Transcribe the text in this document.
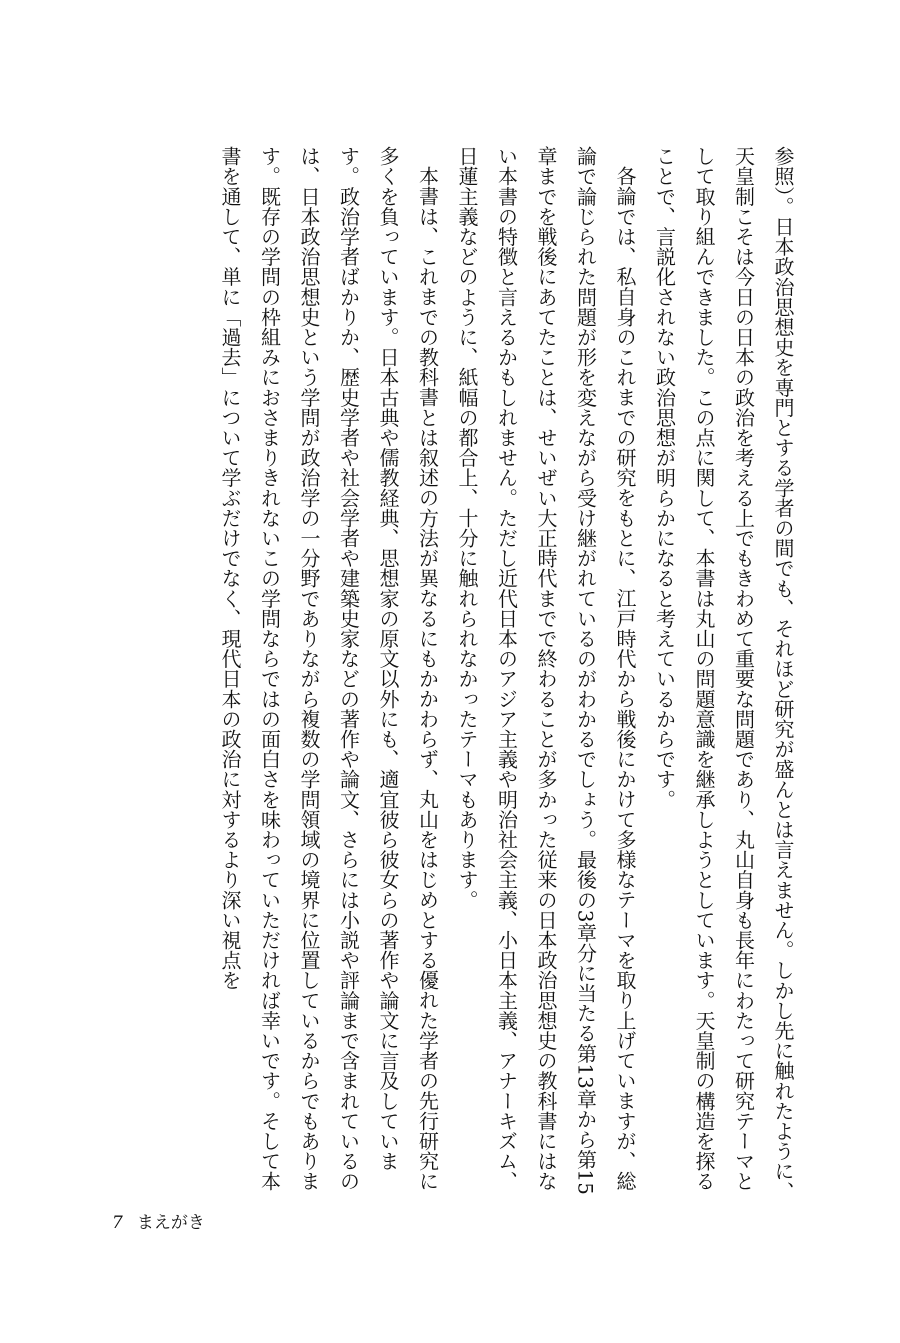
参照）。日本政治思想史を専門とする学者の間でも、それほど研究が盛んとは言えません。しかし先に触れたように、天皇制こそは今日の日本の政治を考える上でもきわめて重要な問題であり、丸山自身も長年にわたって研究テーマとして取り組んできました。この点に関して、本書は丸山の問題意識を継承しようとしています。天皇制の構造を探ることで、言説化されない政治思想が明らかになると考えているからです。

各論では、私自身のこれまでの研究をもとに、江戸時代から戦後にかけて多様なテーマを取り上げていますが、総論で論じられた問題が形を変えながら受け継がれているのがわかるでしょう。最後の3章分に当たる第13章から第15章までを戦後にあてたことは、せいぜい大正時代までで終わることが多かった従来の日本政治思想史の教科書にはない本書の特徴と言えるかもしれません。ただし近代日本のアジア主義や明治社会主義、小日本主義、アナーキズム、日蓮主義などのように、紙幅の都合上、十分に触れられなかったテーマもあります。

本書は、これまでの教科書とは叙述の方法が異なるにもかかわらず、丸山をはじめとする優れた学者の先行研究に多くを負っています。日本古典や儒教経典、思想家の原文以外にも、適宜彼ら彼女らの著作や論文に言及しています。政治学者ばかりか、歴史学者や社会学者や建築史家などの著作や論文、さらには小説や評論まで含まれているのは、日本政治思想史という学問が政治学の一分野でありながら複数の学問領域の境界に位置しているからでもあります。既存の学問の枠組みにおさまりきれないこの学問ならではの面白さを味わっていただければ幸いです。そして本書を通して、単に「過去」について学ぶだけでなく、現代日本の政治に対するより深い視点を

7 まえがき
